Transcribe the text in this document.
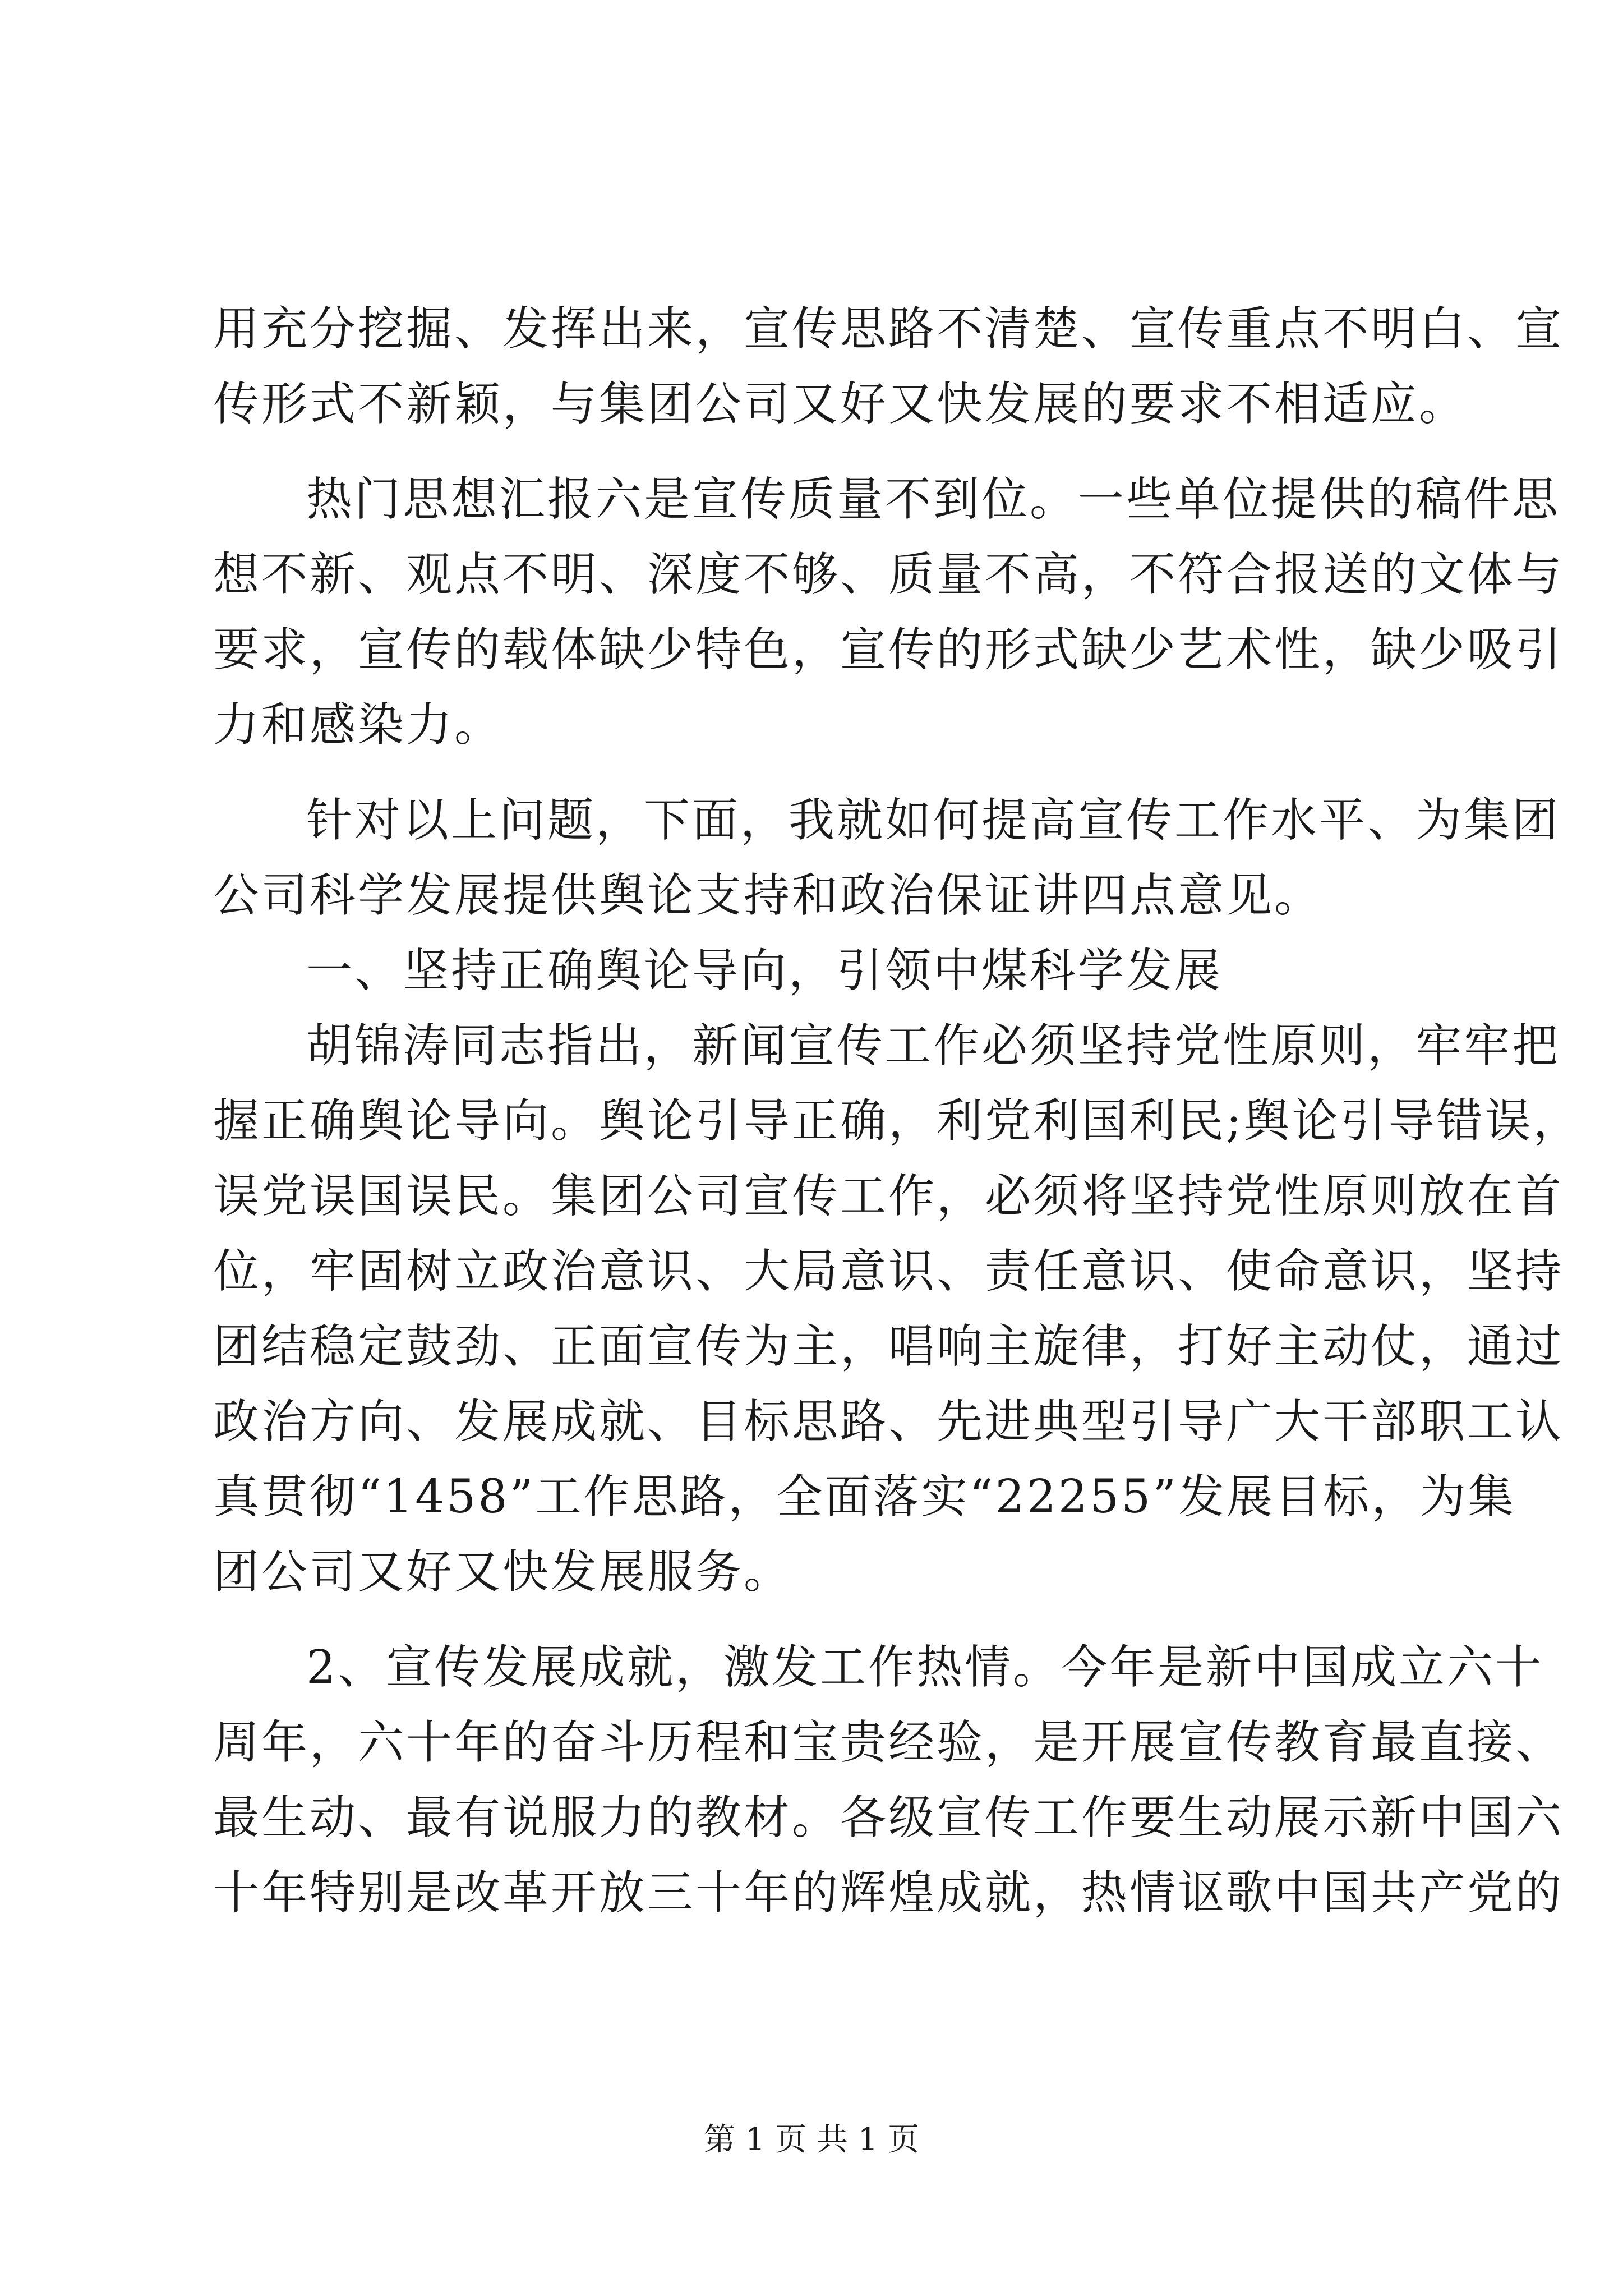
用充分挖掘、发挥出来，宣传思路不清楚、宣传重点不明白、宣
传形式不新颖，与集团公司又好又快发展的要求不相适应。
热门思想汇报六是宣传质量不到位。一些单位提供的稿件思
想不新、观点不明、深度不够、质量不高，不符合报送的文体与
要求，宣传的载体缺少特色，宣传的形式缺少艺术性，缺少吸引
力和感染力。
针对以上问题，下面，我就如何提高宣传工作水平、为集团
公司科学发展提供舆论支持和政治保证讲四点意见。
一、坚持正确舆论导向，引领中煤科学发展
胡锦涛同志指出，新闻宣传工作必须坚持党性原则，牢牢把
握正确舆论导向。舆论引导正确，利党利国利民;舆论引导错误，
误党误国误民。集团公司宣传工作，必须将坚持党性原则放在首
位，牢固树立政治意识、大局意识、责任意识、使命意识，坚持
团结稳定鼓劲、正面宣传为主，唱响主旋律，打好主动仗，通过
政治方向、发展成就、目标思路、先进典型引导广大干部职工认
真贯彻“1458”工作思路，全面落实“22255”发展目标，为集
团公司又好又快发展服务。
2、宣传发展成就，激发工作热情。今年是新中国成立六十
周年，六十年的奋斗历程和宝贵经验，是开展宣传教育最直接、
最生动、最有说服力的教材。各级宣传工作要生动展示新中国六
十年特别是改革开放三十年的辉煌成就，热情讴歌中国共产党的
第 1 页 共 1 页
